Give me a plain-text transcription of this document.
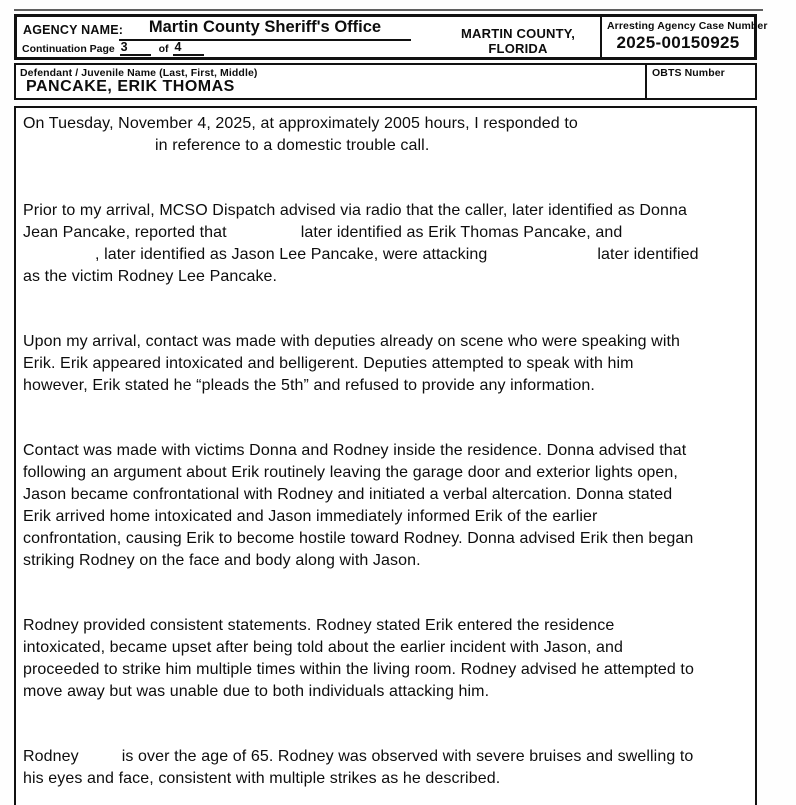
AGENCY NAME:	Martin County Sheriff's Office
Continuation Page 3	of 4
MARTIN COUNTY, FLORIDA
Arresting Agency Case Number
2025-00150925
Defendant / Juvenile Name (Last, First, Middle)
PANCAKE, ERIK THOMAS
OBTS Number
On Tuesday, November 4, 2025, at approximately 2005 hours, I responded to
in reference to a domestic trouble call.
Prior to my arrival, MCSO Dispatch advised via radio that the caller, later identified as Donna
Jean Pancake, reported that	later identified as Erik Thomas Pancake, and
, later identified as Jason Lee Pancake, were attacking	later identified
as the victim Rodney Lee Pancake.
Upon my arrival, contact was made with deputies already on scene who were speaking with
Erik. Erik appeared intoxicated and belligerent. Deputies attempted to speak with him
however, Erik stated he “pleads the 5th” and refused to provide any information.
Contact was made with victims Donna and Rodney inside the residence. Donna advised that
following an argument about Erik routinely leaving the garage door and exterior lights open,
Jason became confrontational with Rodney and initiated a verbal altercation. Donna stated
Erik arrived home intoxicated and Jason immediately informed Erik of the earlier
confrontation, causing Erik to become hostile toward Rodney. Donna advised Erik then began
striking Rodney on the face and body along with Jason.
Rodney provided consistent statements. Rodney stated Erik entered the residence
intoxicated, became upset after being told about the earlier incident with Jason, and
proceeded to strike him multiple times within the living room. Rodney advised he attempted to
move away but was unable due to both individuals attacking him.
Rodney	is over the age of 65. Rodney was observed with severe bruises and swelling to
his eyes and face, consistent with multiple strikes as he described.
